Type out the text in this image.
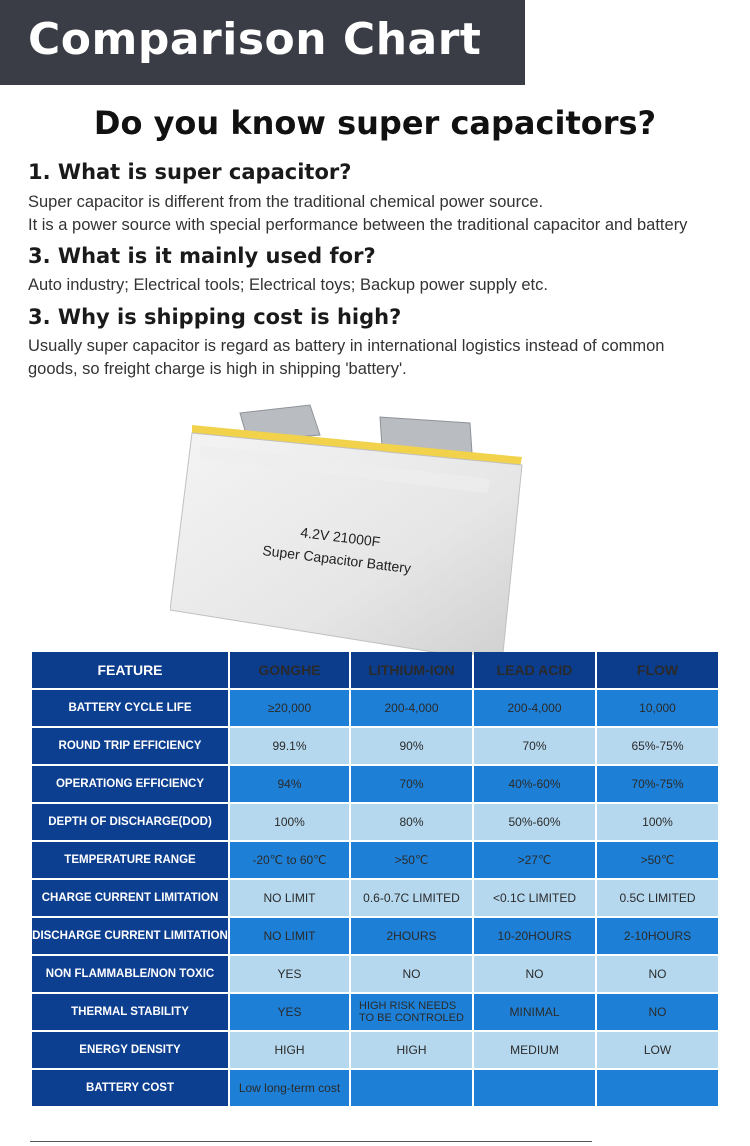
Comparison Chart
Do you know super capacitors?
1. What is super capacitor?

Super capacitor is different from the traditional chemical power source.

It is a power source with special performance between the traditional capacitor and battery

3. What is it mainly used for?

Auto industry; Electrical tools; Electrical toys; Backup power supply etc.

3. Why is shipping cost is high?

Usually super capacitor is regard as battery in international logistics instead of common

goods, so freight charge is high in shipping 'battery'.

4.2V 21000F
Super Capacitor Battery
FEATURE	GONGHE	LITHIUM-ION	LEAD ACID	FLOW
BATTERY CYCLE LIFE	≥20,000	200-4,000	200-4,000	10,000
ROUND TRIP EFFICIENCY	99.1%	90%	70%	65%-75%
OPERATIONG EFFICIENCY	94%	70%	40%-60%	70%-75%
DEPTH OF DISCHARGE(DOD)	100%	80%	50%-60%	100%
TEMPERATURE RANGE	-20℃ to 60℃	>50℃	>27℃	>50℃
CHARGE CURRENT LIMITATION	NO LIMIT	0.6-0.7C LIMITED	<0.1C LIMITED	0.5C LIMITED
DISCHARGE CURRENT LIMITATION	NO LIMIT	2HOURS	10-20HOURS	2-10HOURS
NON FLAMMABLE/NON TOXIC	YES	NO	NO	NO
THERMAL STABILITY	YES	HIGH RISK NEEDS TO BE CONTROLED	MINIMAL	NO
ENERGY DENSITY	HIGH	HIGH	MEDIUM	LOW
BATTERY COST	Low long-term cost			
